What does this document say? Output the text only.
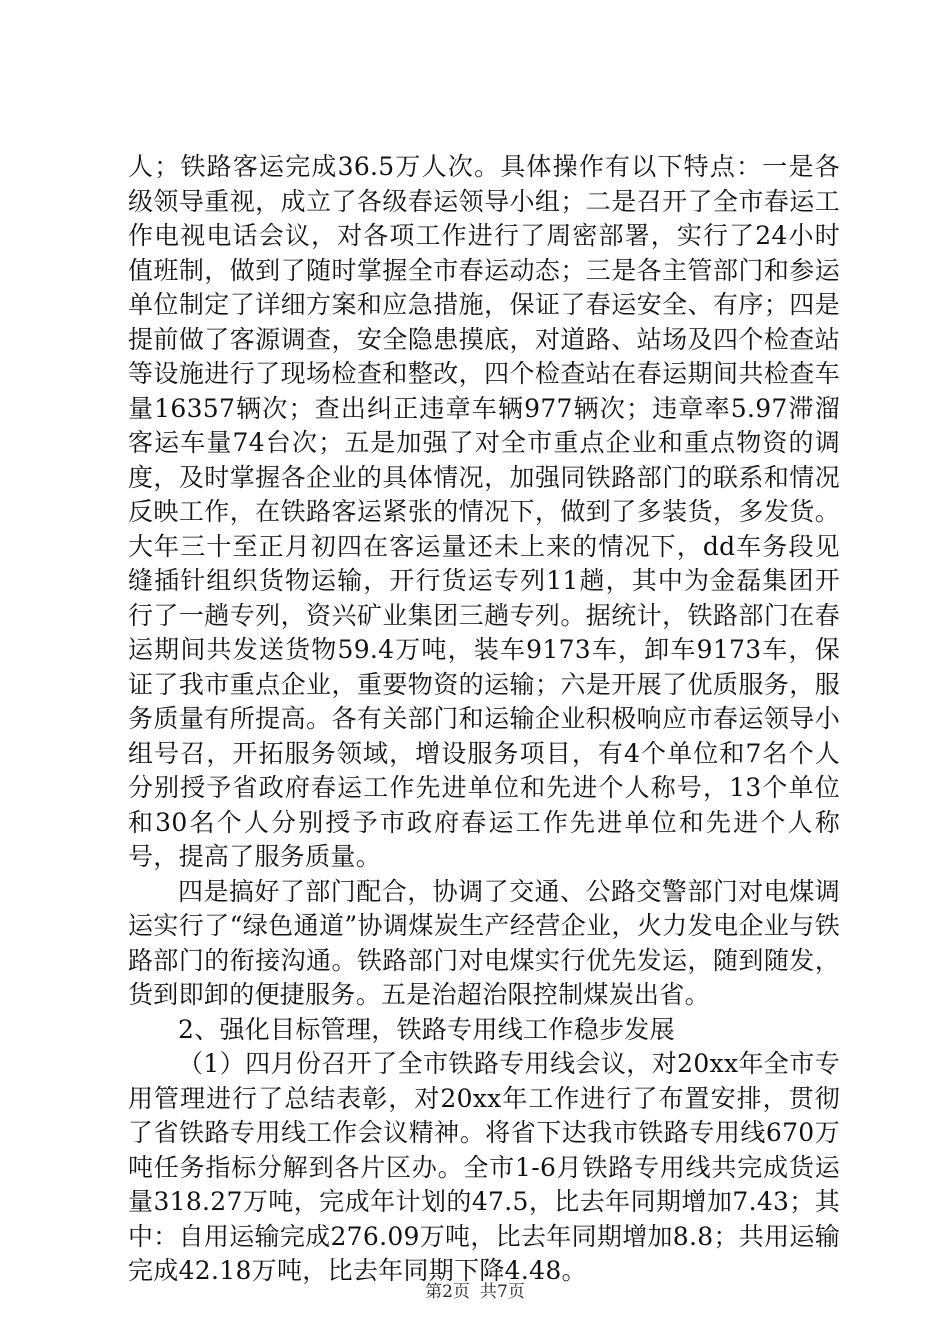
人；铁路客运完成36.5万人次。具体操作有以下特点：一是各级领导重视，成立了各级春运领导小组；二是召开了全市春运工作电视电话会议，对各项工作进行了周密部署，实行了24小时值班制，做到了随时掌握全市春运动态；三是各主管部门和参运单位制定了详细方案和应急措施，保证了春运安全、有序；四是提前做了客源调查，安全隐患摸底，对道路、站场及四个检查站等设施进行了现场检查和整改，四个检查站在春运期间共检查车量16357辆次；查出纠正违章车辆977辆次；违章率5.97滞溜客运车量74台次；五是加强了对全市重点企业和重点物资的调度，及时掌握各企业的具体情况，加强同铁路部门的联系和情况反映工作，在铁路客运紧张的情况下，做到了多装货，多发货。大年三十至正月初四在客运量还未上来的情况下，dd车务段见缝插针组织货物运输，开行货运专列11趟，其中为金磊集团开行了一趟专列，资兴矿业集团三趟专列。据统计，铁路部门在春运期间共发送货物59.4万吨，装车9173车，卸车9173车，保证了我市重点企业，重要物资的运输；六是开展了优质服务，服务质量有所提高。各有关部门和运输企业积极响应市春运领导小组号召，开拓服务领域，增设服务项目，有4个单位和7名个人分别授予省政府春运工作先进单位和先进个人称号，13个单位和30名个人分别授予市政府春运工作先进单位和先进个人称号，提高了服务质量。

四是搞好了部门配合，协调了交通、公路交警部门对电煤调运实行了“绿色通道”协调煤炭生产经营企业，火力发电企业与铁路部门的衔接沟通。铁路部门对电煤实行优先发运，随到随发，货到即卸的便捷服务。五是治超治限控制煤炭出省。

2、强化目标管理，铁路专用线工作稳步发展

（1）四月份召开了全市铁路专用线会议，对20xx年全市专用管理进行了总结表彰，对20xx年工作进行了布置安排，贯彻了省铁路专用线工作会议精神。将省下达我市铁路专用线670万吨任务指标分解到各片区办。全市1-6月铁路专用线共完成货运量318.27万吨，完成年计划的47.5，比去年同期增加7.43；其中：自用运输完成276.09万吨，比去年同期增加8.8；共用运输完成42.18万吨，比去年同期下降4.48。

第2页 共7页
